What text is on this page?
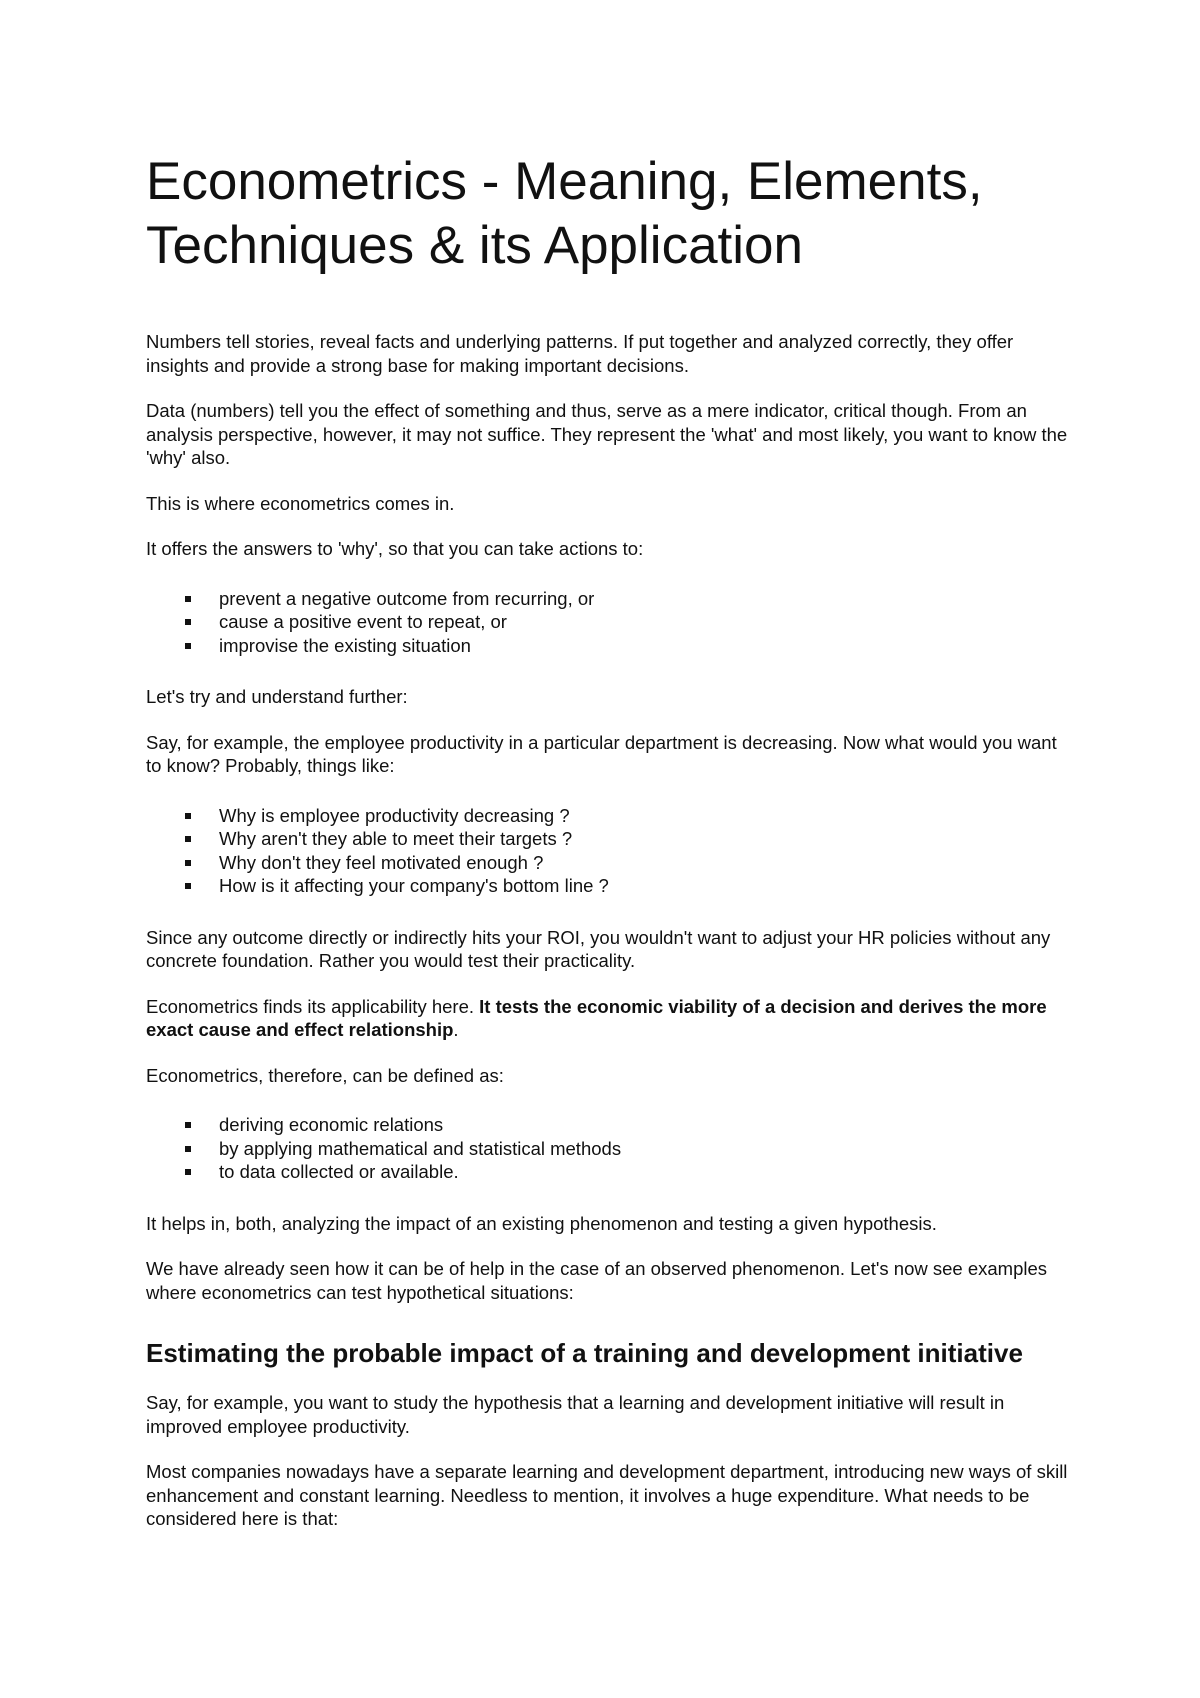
Econometrics - Meaning, Elements, Techniques & its Application

Numbers tell stories, reveal facts and underlying patterns. If put together and analyzed correctly, they offer insights and provide a strong base for making important decisions.

Data (numbers) tell you the effect of something and thus, serve as a mere indicator, critical though. From an analysis perspective, however, it may not suffice. They represent the 'what' and most likely, you want to know the 'why' also.

This is where econometrics comes in.

It offers the answers to 'why', so that you can take actions to:

prevent a negative outcome from recurring, or
cause a positive event to repeat, or
improvise the existing situation

Let's try and understand further:

Say, for example, the employee productivity in a particular department is decreasing. Now what would you want to know? Probably, things like:

Why is employee productivity decreasing ?
Why aren't they able to meet their targets ?
Why don't they feel motivated enough ?
How is it affecting your company's bottom line ?

Since any outcome directly or indirectly hits your ROI, you wouldn't want to adjust your HR policies without any concrete foundation. Rather you would test their practicality.

Econometrics finds its applicability here. It tests the economic viability of a decision and derives the more exact cause and effect relationship.

Econometrics, therefore, can be defined as:

deriving economic relations
by applying mathematical and statistical methods
to data collected or available.

It helps in, both, analyzing the impact of an existing phenomenon and testing a given hypothesis.

We have already seen how it can be of help in the case of an observed phenomenon. Let's now see examples where econometrics can test hypothetical situations:

Estimating the probable impact of a training and development initiative

Say, for example, you want to study the hypothesis that a learning and development initiative will result in improved employee productivity.

Most companies nowadays have a separate learning and development department, introducing new ways of skill enhancement and constant learning. Needless to mention, it involves a huge expenditure. What needs to be considered here is that:
